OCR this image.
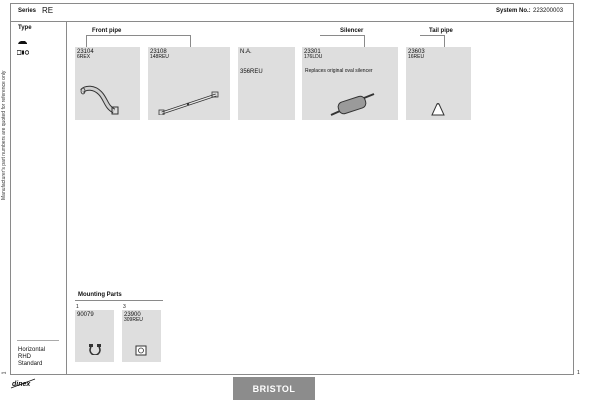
Series RE	System No.: 223200003
Manufacturer's part numbers are quoted for reference only
1
Type
Horizontal
RHD
Standard
Front pipe	Silencer	Tail pipe
23104
6REX
23108
148REU
N.A.
356REU
23301
176LDU
Replaces original oval silencer
23603
16REU
Mounting Parts
1
90079
3
23900
309REU
dinex	BRISTOL
1
